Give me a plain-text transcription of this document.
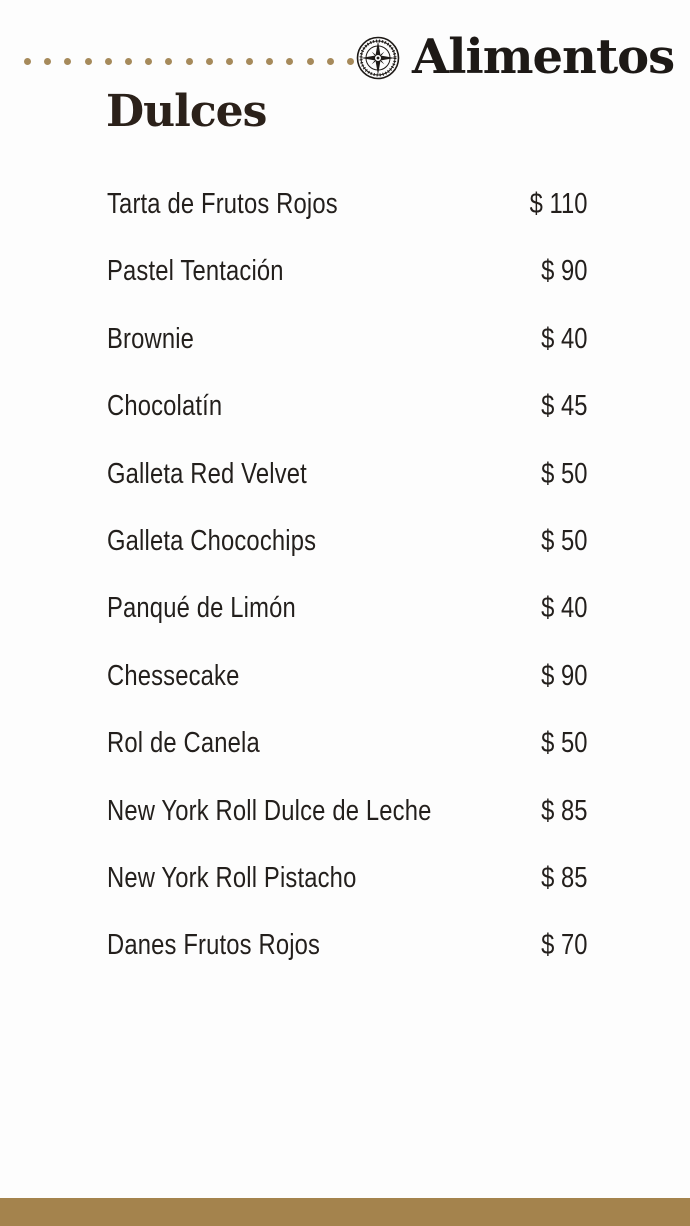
Alimentos
Dulces
Tarta de Frutos Rojos	$ 110
Pastel Tentación	$ 90
Brownie	$ 40
Chocolatín	$ 45
Galleta Red Velvet	$ 50
Galleta Chocochips	$ 50
Panqué de Limón	$ 40
Chessecake	$ 90
Rol de Canela	$ 50
New York Roll Dulce de Leche	$ 85
New York Roll Pistacho	$ 85
Danes Frutos Rojos	$ 70
